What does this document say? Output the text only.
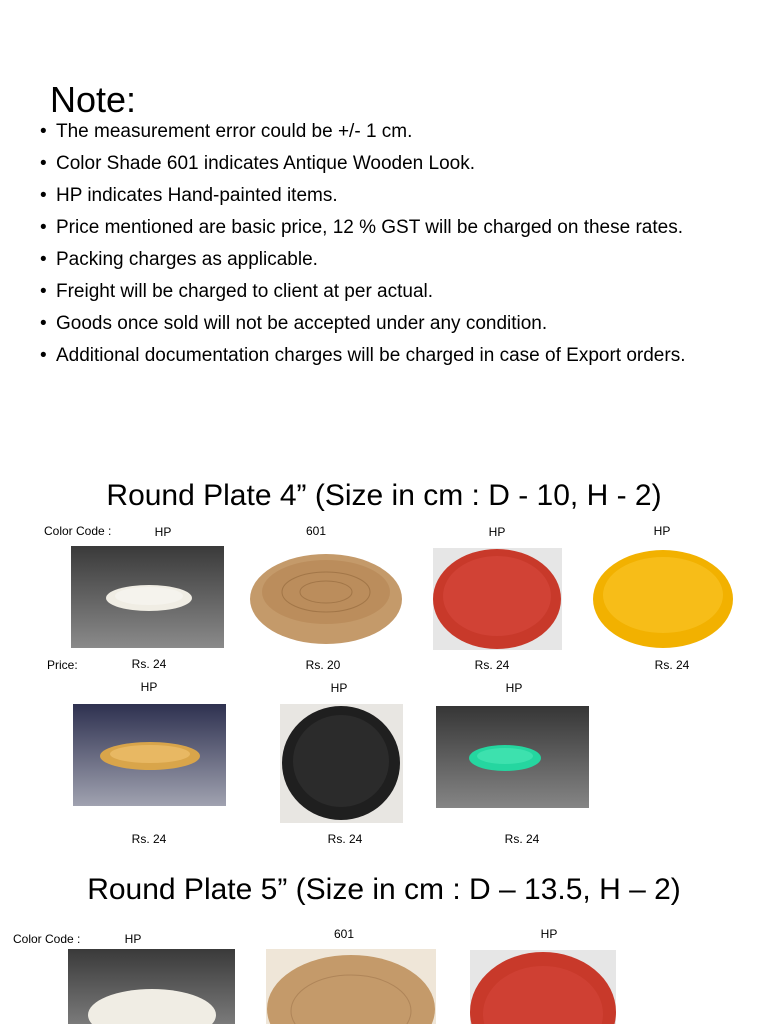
Note:
• The measurement error could be +/- 1 cm.
• Color Shade 601 indicates Antique Wooden Look.
• HP indicates Hand-painted items.
• Price mentioned are basic price, 12 % GST will be charged on these rates.
• Packing charges as applicable.
• Freight will be charged to client at per actual.
• Goods once sold will not be accepted under any condition.
• Additional documentation charges will be charged in case of Export orders.
Round Plate 4” (Size in cm : D - 10, H - 2)
Color Code :	HP	601	HP	HP
Price:	Rs. 24	Rs. 20	Rs. 24	Rs. 24
HP	HP	HP
Rs. 24	Rs. 24	Rs. 24
Round Plate 5” (Size in cm : D – 13.5, H – 2)
Color Code :	HP	601	HP
